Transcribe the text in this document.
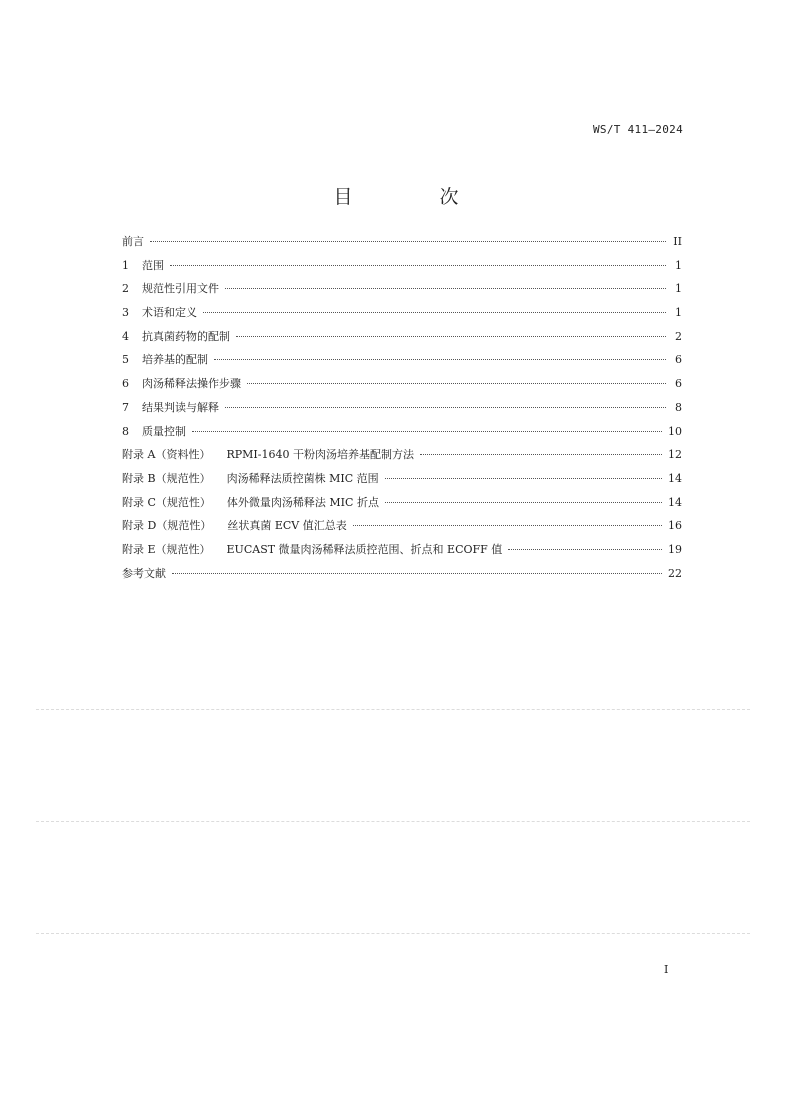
WS/T 411—2024
目　次
前言	II
1	范围	1
2	规范性引用文件	1
3	术语和定义	1
4	抗真菌药物的配制	2
5	培养基的配制	6
6	肉汤稀释法操作步骤	6
7	结果判读与解释	8
8	质量控制	10
附录 A（资料性） RPMI-1640 干粉肉汤培养基配制方法	12
附录 B（规范性） 肉汤稀释法质控菌株 MIC 范围	14
附录 C（规范性） 体外微量肉汤稀释法 MIC 折点	14
附录 D（规范性） 丝状真菌 ECV 值汇总表	16
附录 E（规范性） EUCAST 微量肉汤稀释法质控范围、折点和 ECOFF 值	19
参考文献	22
I
